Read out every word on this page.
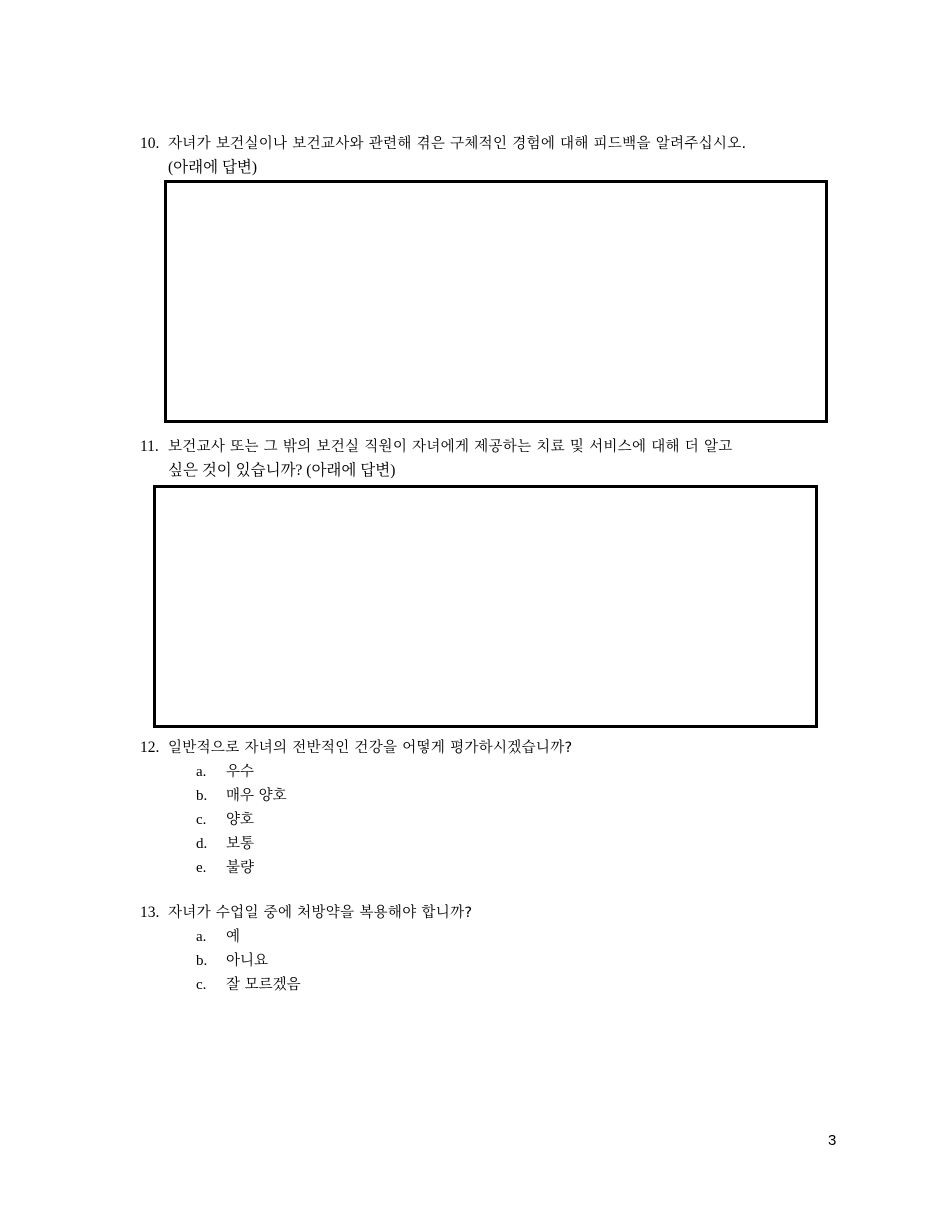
10. 자녀가 보건실이나 보건교사와 관련해 겪은 구체적인 경험에 대해 피드백을 알려주십시오.
(아래에 답변)
11. 보건교사 또는 그 밖의 보건실 직원이 자녀에게 제공하는 치료 및 서비스에 대해 더 알고
싶은 것이 있습니까? (아래에 답변)
12. 일반적으로 자녀의 전반적인 건강을 어떻게 평가하시겠습니까?
a. 우수
b. 매우 양호
c. 양호
d. 보통
e. 불량
13. 자녀가 수업일 중에 처방약을 복용해야 합니까?
a. 예
b. 아니요
c. 잘 모르겠음
3
